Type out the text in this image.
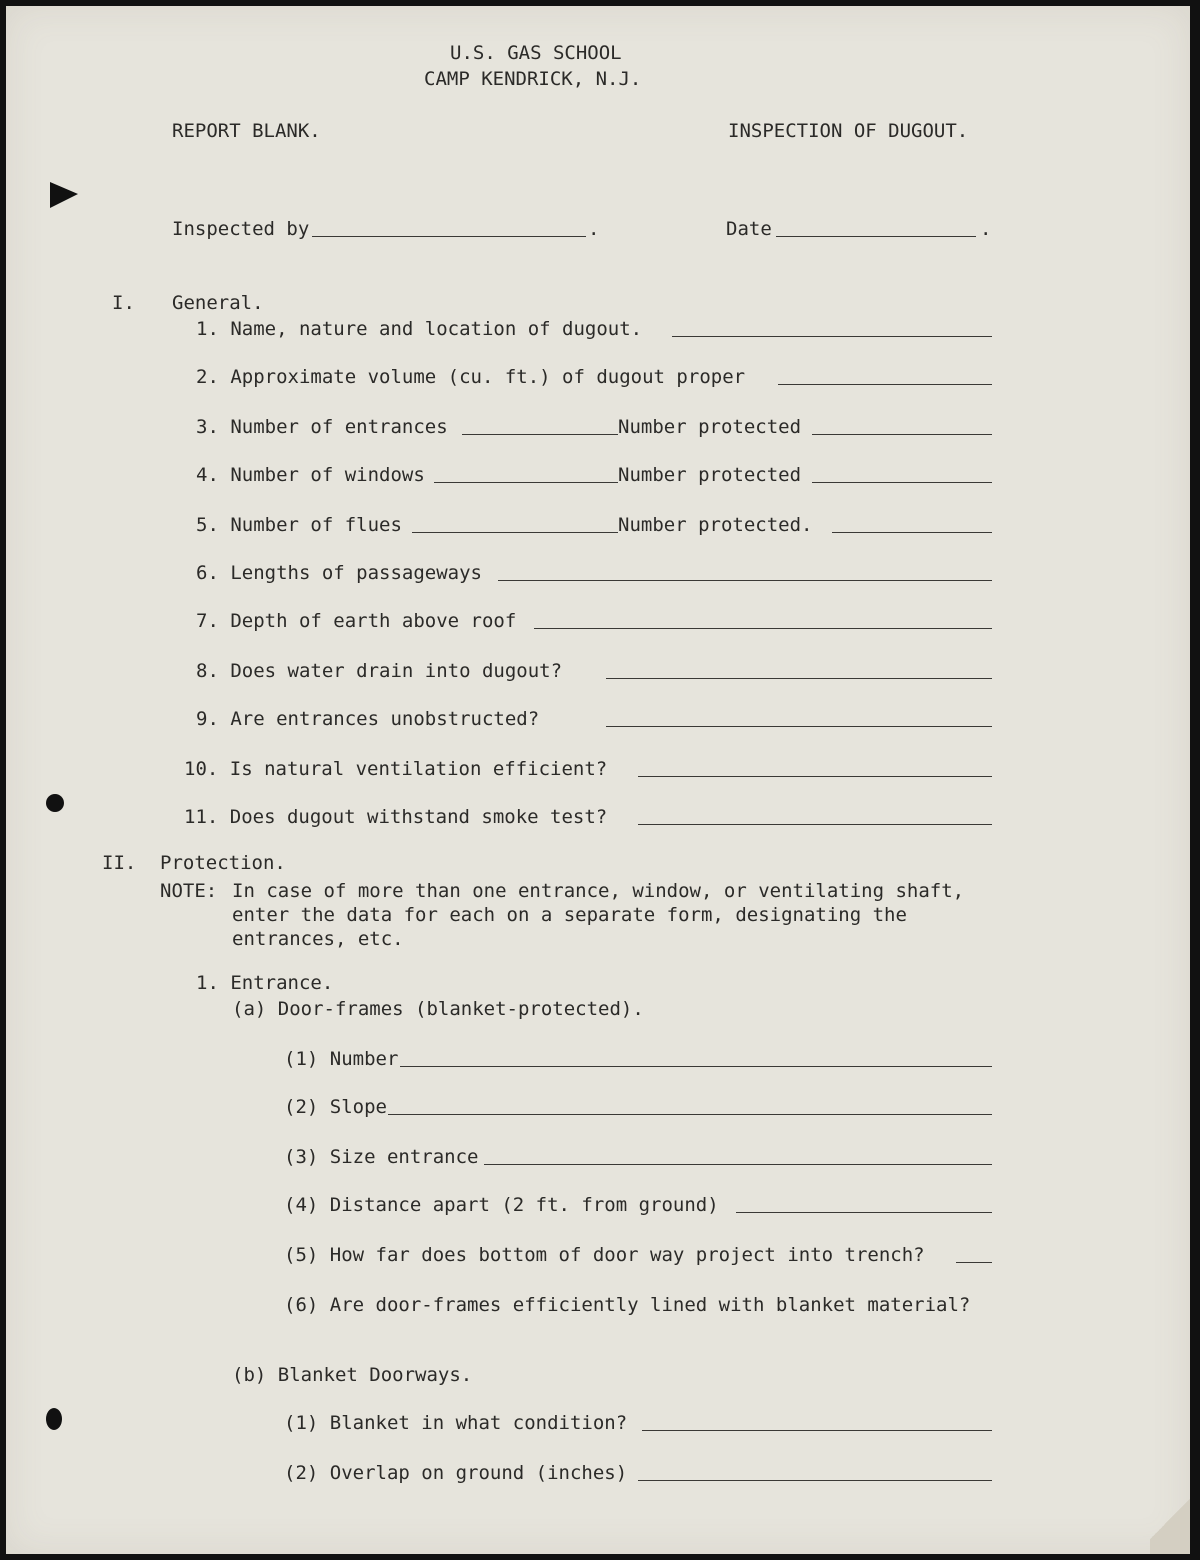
U.S. GAS SCHOOL
CAMP KENDRICK, N.J.
REPORT BLANK.	INSPECTION OF DUGOUT.
Inspected by	.	Date	.
I. General.
1. Name, nature and location of dugout.
2. Approximate volume (cu. ft.) of dugout proper
3. Number of entrances	Number protected
4. Number of windows	Number protected
5. Number of flues	Number protected.
6. Lengths of passageways
7. Depth of earth above roof
8. Does water drain into dugout?
9. Are entrances unobstructed?
10. Is natural ventilation efficient?
11. Does dugout withstand smoke test?
II. Protection.
NOTE: In case of more than one entrance, window, or ventilating shaft,
enter the data for each on a separate form, designating the
entrances, etc.
1. Entrance.
(a) Door-frames (blanket-protected).
(1) Number
(2) Slope
(3) Size entrance
(4) Distance apart (2 ft. from ground)
(5) How far does bottom of door way project into trench?
(6) Are door-frames efficiently lined with blanket material?
(b) Blanket Doorways.
(1) Blanket in what condition?
(2) Overlap on ground (inches)
